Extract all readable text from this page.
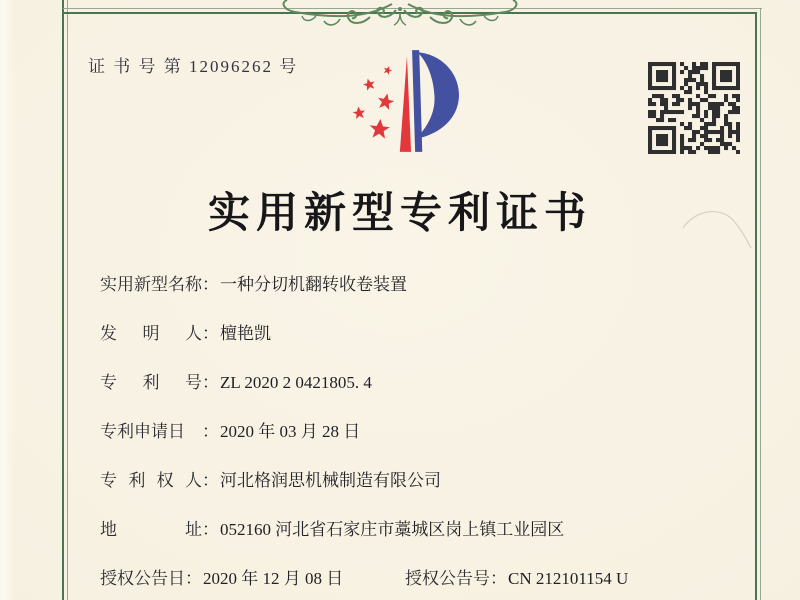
证 书 号 第 12096262 号
实用新型专利证书
实用新型名称 ： 一种分切机翻转收卷装置
发明人 ： 檀艳凯
专利号 ： ZL 2020 2 0421805. 4
专利申请日	： 2020 年 03 月 28 日
专利权人 ： 河北格润思机械制造有限公司
地址 ： 052160 河北省石家庄市藁城区岗上镇工业园区
授权公告日 ： 2020 年 12 月 08 日	授权公告号 ： CN 212101154 U
